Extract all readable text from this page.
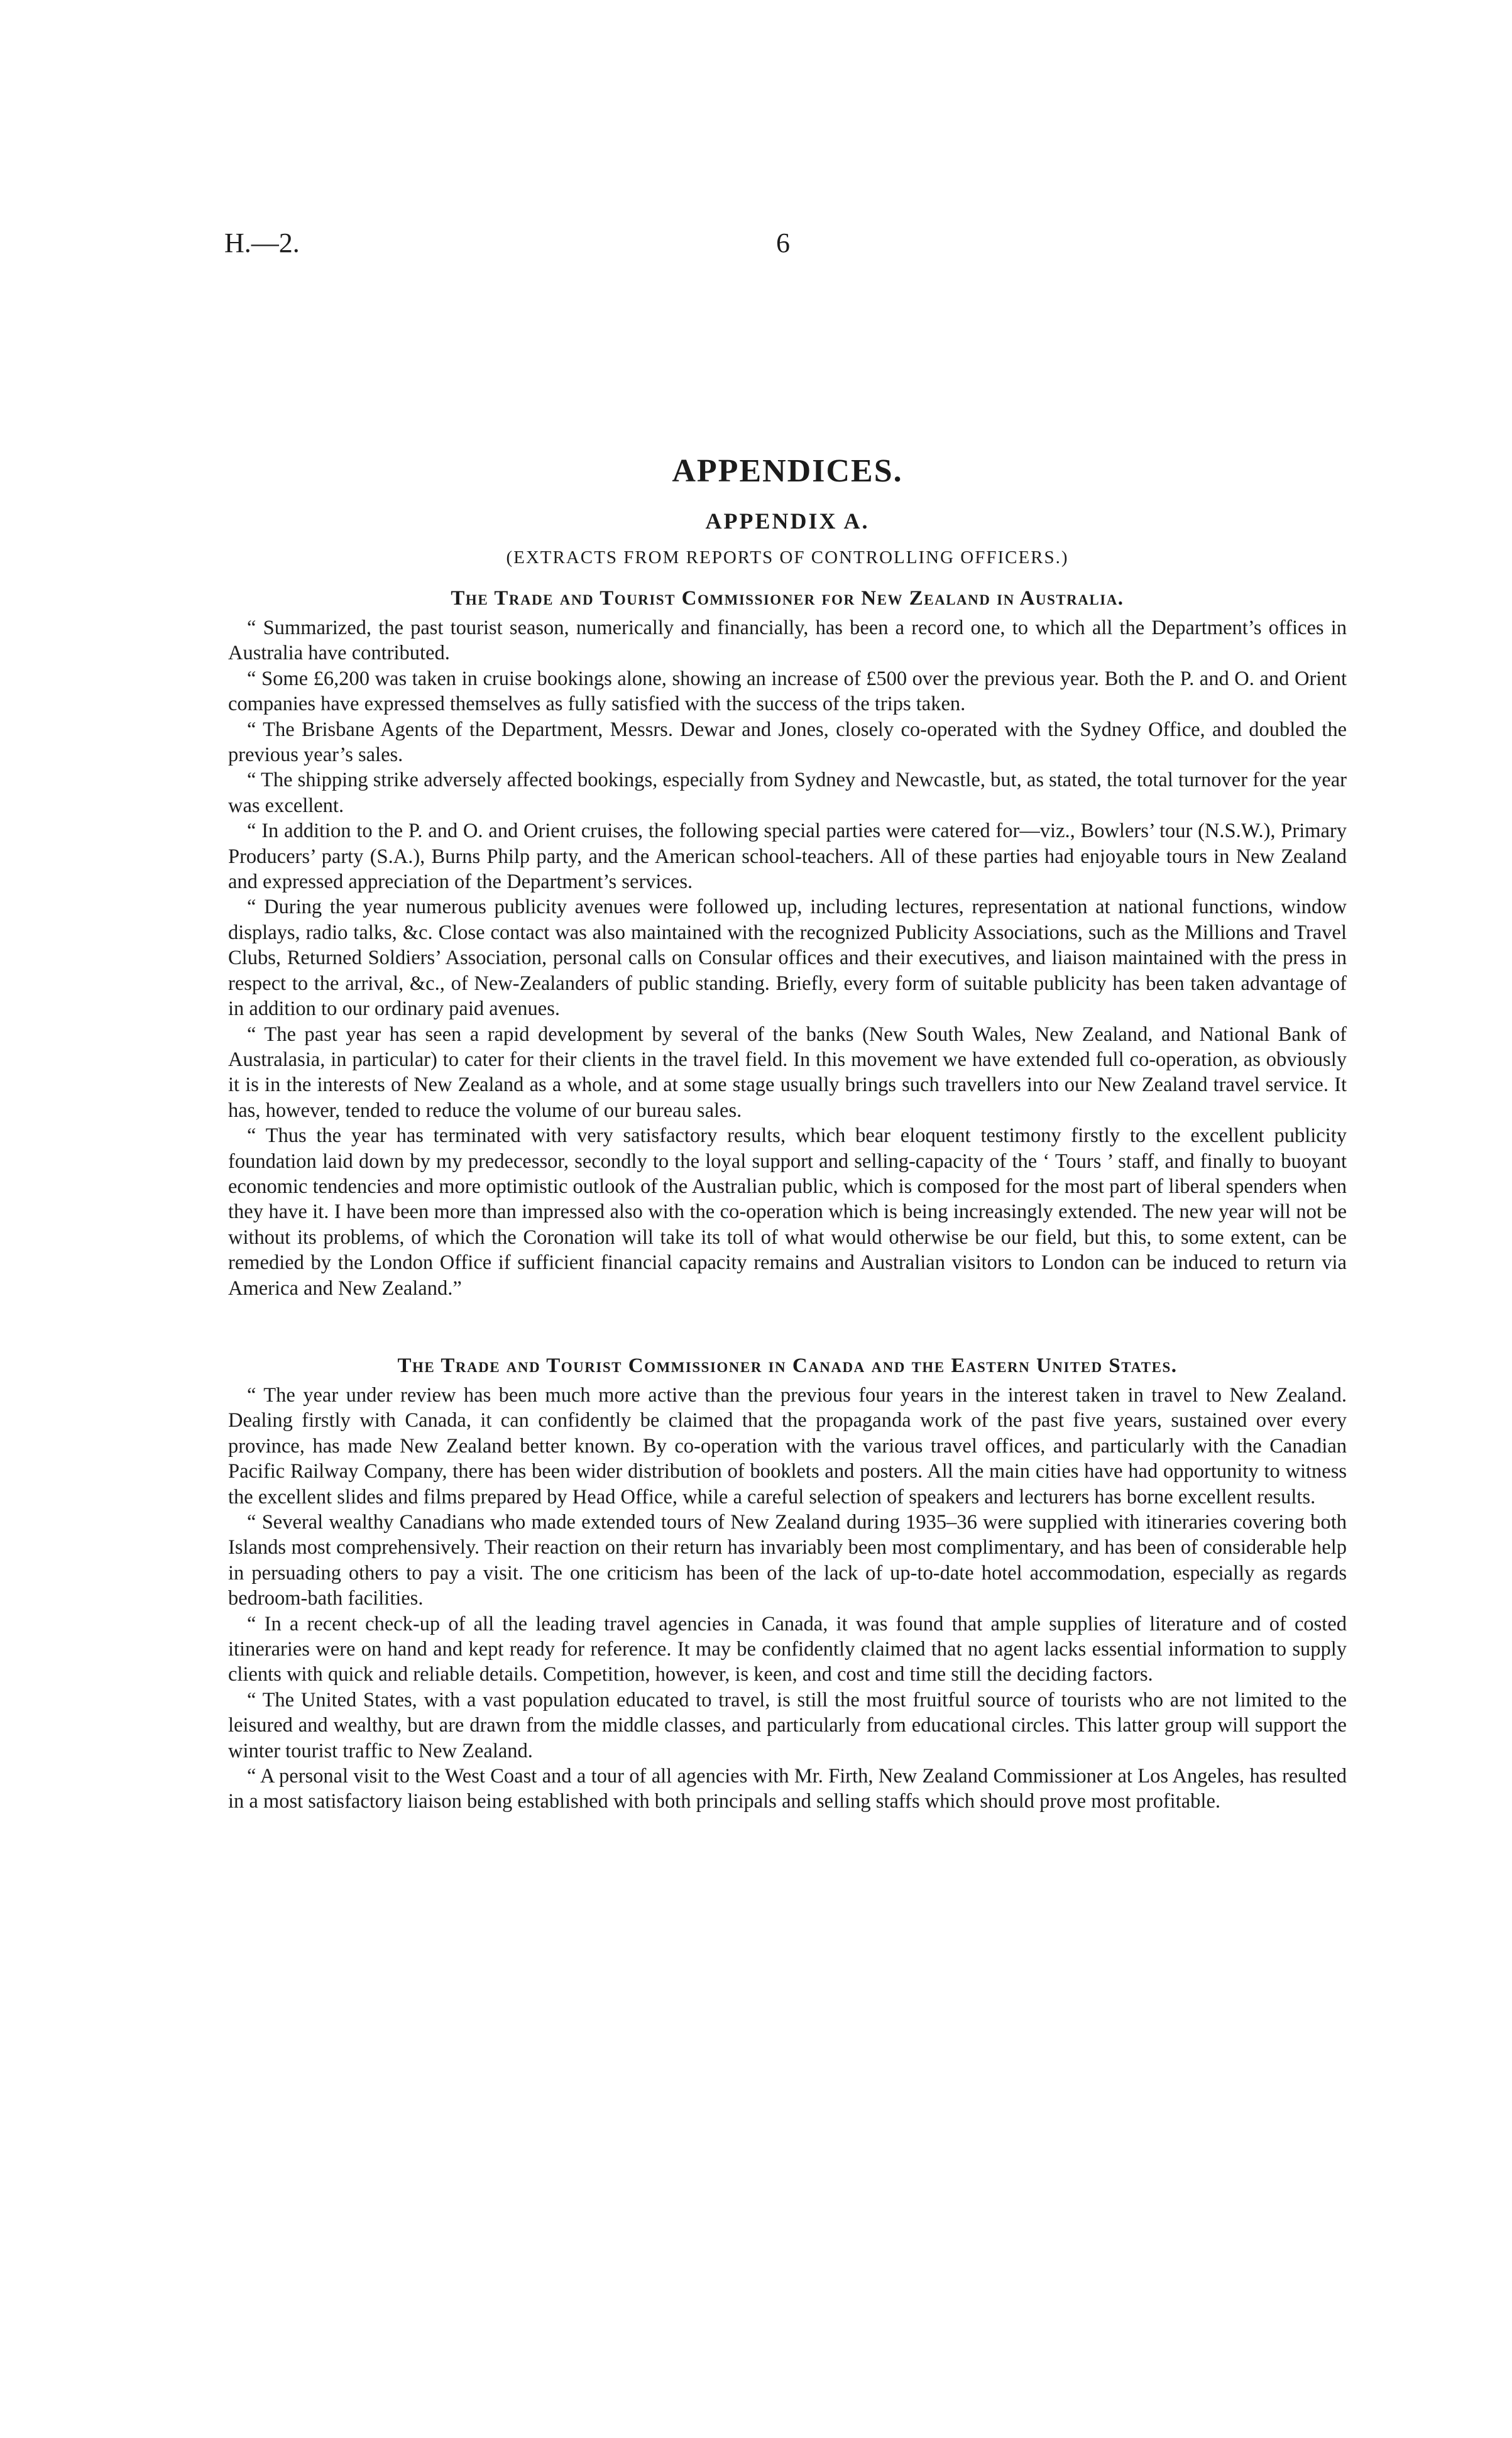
H.—2.	6
APPENDICES.
APPENDIX A.
(EXTRACTS FROM REPORTS OF CONTROLLING OFFICERS.)
The Trade and Tourist Commissioner for New Zealand in Australia.

“ Summarized, the past tourist season, numerically and financially, has been a record one, to which all the Department’s offices in Australia have contributed.

“ Some £6,200 was taken in cruise bookings alone, showing an increase of £500 over the previous year. Both the P. and O. and Orient companies have expressed themselves as fully satisfied with the success of the trips taken.

“ The Brisbane Agents of the Department, Messrs. Dewar and Jones, closely co-operated with the Sydney Office, and doubled the previous year’s sales.

“ The shipping strike adversely affected bookings, especially from Sydney and Newcastle, but, as stated, the total turnover for the year was excellent.

“ In addition to the P. and O. and Orient cruises, the following special parties were catered for—viz., Bowlers’ tour (N.S.W.), Primary Producers’ party (S.A.), Burns Philp party, and the American school-teachers. All of these parties had enjoyable tours in New Zealand and expressed appreciation of the Department’s services.

“ During the year numerous publicity avenues were followed up, including lectures, representation at national functions, window displays, radio talks, &c. Close contact was also maintained with the recognized Publicity Associations, such as the Millions and Travel Clubs, Returned Soldiers’ Association, personal calls on Consular offices and their executives, and liaison maintained with the press in respect to the arrival, &c., of New-Zealanders of public standing. Briefly, every form of suitable publicity has been taken advantage of in addition to our ordinary paid avenues.

“ The past year has seen a rapid development by several of the banks (New South Wales, New Zealand, and National Bank of Australasia, in particular) to cater for their clients in the travel field. In this movement we have extended full co-operation, as obviously it is in the interests of New Zealand as a whole, and at some stage usually brings such travellers into our New Zealand travel service. It has, however, tended to reduce the volume of our bureau sales.

“ Thus the year has terminated with very satisfactory results, which bear eloquent testimony firstly to the excellent publicity foundation laid down by my predecessor, secondly to the loyal support and selling-capacity of the ‘ Tours ’ staff, and finally to buoyant economic tendencies and more optimistic outlook of the Australian public, which is composed for the most part of liberal spenders when they have it. I have been more than impressed also with the co-operation which is being increasingly extended. The new year will not be without its problems, of which the Coronation will take its toll of what would otherwise be our field, but this, to some extent, can be remedied by the London Office if sufficient financial capacity remains and Australian visitors to London can be induced to return via America and New Zealand.”

The Trade and Tourist Commissioner in Canada and the Eastern United States.

“ The year under review has been much more active than the previous four years in the interest taken in travel to New Zealand. Dealing firstly with Canada, it can confidently be claimed that the propaganda work of the past five years, sustained over every province, has made New Zealand better known. By co-operation with the various travel offices, and particularly with the Canadian Pacific Railway Company, there has been wider distribution of booklets and posters. All the main cities have had opportunity to witness the excellent slides and films prepared by Head Office, while a careful selection of speakers and lecturers has borne excellent results.

“ Several wealthy Canadians who made extended tours of New Zealand during 1935–36 were supplied with itineraries covering both Islands most comprehensively. Their reaction on their return has invariably been most complimentary, and has been of considerable help in persuading others to pay a visit. The one criticism has been of the lack of up-to-date hotel accommodation, especially as regards bedroom-bath facilities.

“ In a recent check-up of all the leading travel agencies in Canada, it was found that ample supplies of literature and of costed itineraries were on hand and kept ready for reference. It may be confidently claimed that no agent lacks essential information to supply clients with quick and reliable details. Competition, however, is keen, and cost and time still the deciding factors.

“ The United States, with a vast population educated to travel, is still the most fruitful source of tourists who are not limited to the leisured and wealthy, but are drawn from the middle classes, and particularly from educational circles. This latter group will support the winter tourist traffic to New Zealand.

“ A personal visit to the West Coast and a tour of all agencies with Mr. Firth, New Zealand Commissioner at Los Angeles, has resulted in a most satisfactory liaison being established with both principals and selling staffs which should prove most profitable.
